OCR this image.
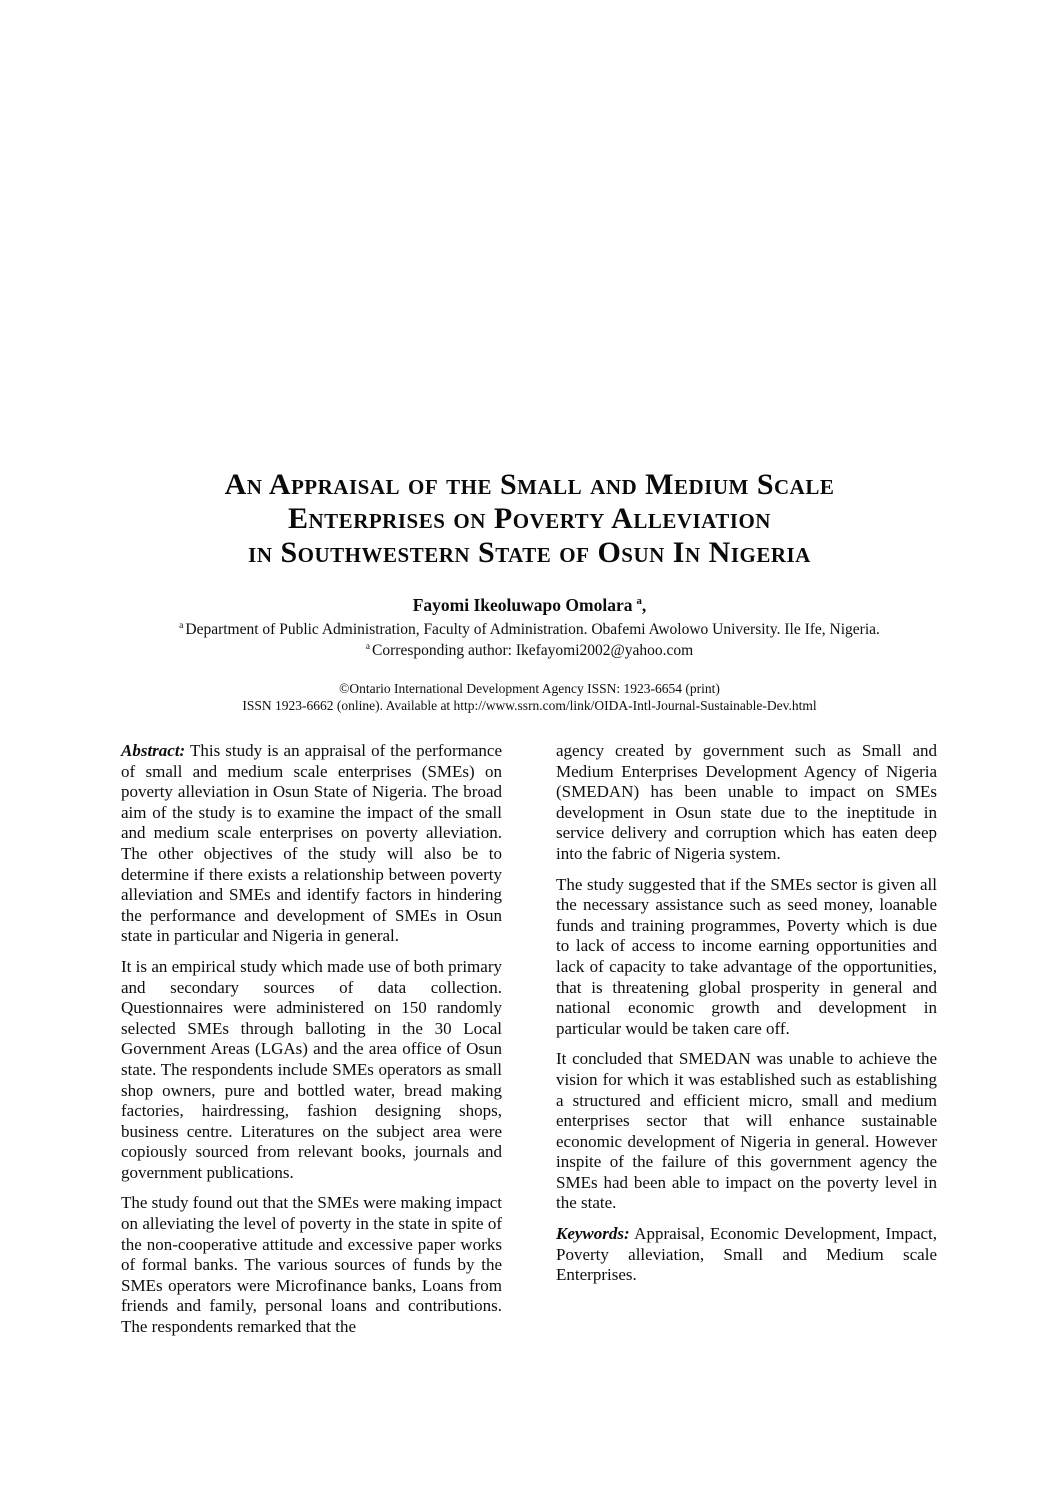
An Appraisal of the Small and Medium Scale
Enterprises on Poverty Alleviation
in Southwestern State of Osun In Nigeria
Fayomi Ikeoluwapo Omolara $^a$,
$^a$ Department of Public Administration, Faculty of Administration. Obafemi Awolowo University. Ile Ife, Nigeria.
$^a$ Corresponding author: Ikefayomi2002@yahoo.com
©Ontario International Development Agency ISSN: 1923-6654 (print)
ISSN 1923-6662 (online). Available at http://www.ssrn.com/link/OIDA-Intl-Journal-Sustainable-Dev.html

Abstract: This study is an appraisal of the performance of small and medium scale enterprises (SMEs) on poverty alleviation in Osun State of Nigeria. The broad aim of the study is to examine the impact of the small and medium scale enterprises on poverty alleviation. The other objectives of the study will also be to determine if there exists a relationship between poverty alleviation and SMEs and identify factors in hindering the performance and development of SMEs in Osun state in particular and Nigeria in general.

It is an empirical study which made use of both primary and secondary sources of data collection. Questionnaires were administered on 150 randomly selected SMEs through balloting in the 30 Local Government Areas (LGAs) and the area office of Osun state. The respondents include SMEs operators as small shop owners, pure and bottled water, bread making factories, hairdressing, fashion designing shops, business centre. Literatures on the subject area were copiously sourced from relevant books, journals and government publications.

The study found out that the SMEs were making impact on alleviating the level of poverty in the state in spite of the non-cooperative attitude and excessive paper works of formal banks. The various sources of funds by the SMEs operators were Microfinance banks, Loans from friends and family, personal loans and contributions. The respondents remarked that the

agency created by government such as Small and Medium Enterprises Development Agency of Nigeria (SMEDAN) has been unable to impact on SMEs development in Osun state due to the ineptitude in service delivery and corruption which has eaten deep into the fabric of Nigeria system.

The study suggested that if the SMEs sector is given all the necessary assistance such as seed money, loanable funds and training programmes, Poverty which is due to lack of access to income earning opportunities and lack of capacity to take advantage of the opportunities, that is threatening global prosperity in general and national economic growth and development in particular would be taken care off.

It concluded that SMEDAN was unable to achieve the vision for which it was established such as establishing a structured and efficient micro, small and medium enterprises sector that will enhance sustainable economic development of Nigeria in general. However inspite of the failure of this government agency the SMEs had been able to impact on the poverty level in the state.

Keywords: Appraisal, Economic Development, Impact, Poverty alleviation, Small and Medium scale Enterprises.
